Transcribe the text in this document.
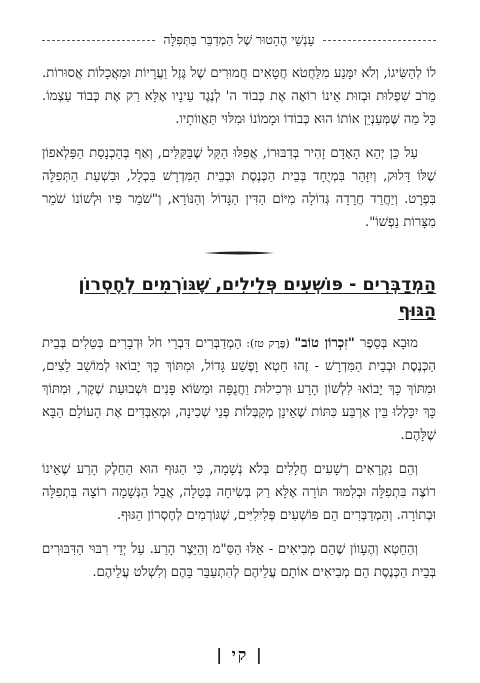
עָנְשֵׁי הֶהָטוּר שֶׁל הַמְדַבֵּר בַּתְּפִלָּה

לוֹ לְהַשִּׂיגוֹ, וְלֹא יִמָּנַע מִלַּחֲטֹא חֲטָאִים חֲמוּרִים שֶׁל גֶּזֶל וַעֲרָיוֹת וּמַאֲכָלוֹת אֲסוּרוֹת. מֵרֹב שִׁפְלוּת וּבְזוּת אֵינוֹ רוֹאֶה אֶת כְּבוֹד ה' לְנֶגֶד עֵינָיו אֶלָּא רַק אֶת כְּבוֹד עַצְמוֹ. כָּל מַה שֶּׁמְּעַנְיֵן אוֹתוֹ הוּא כְּבוֹדוֹ וּמָמוֹנוֹ וּמִלּוּי תַּאֲווֹתָיו.

עַל כֵּן יְהֵא הָאָדָם זָהִיר בְּדִבּוּרוֹ, אֲפִלּוּ הַקַּל שֶׁבַּקַּלִּים, וְאַף בְּהַכְנָסַת הַפַּלְאפוֹן שֶׁלּוֹ דָּלוּק, וְיִזָּהֵר בִּמְיֻחָד בְּבֵית הַכְּנֶסֶת וּבְבֵית הַמִּדְרָשׁ בִּכְלָל, וּבִשְׁעַת הַתְּפִלָּה בִּפְרָט. וְיַחֲרֵד חֲרָדָה גְּדוֹלָה מִיּוֹם הַדִּין הַגָּדוֹל וְהַנּוֹרָא, וְ"שֹׁמֵר פִּיו וּלְשׁוֹנוֹ שֹׁמֵר מִצָּרוֹת נַפְשׁוֹ".

הַמְדַבְּרִים - פּוֹשְׁעִים פְּלִילִים, שֶׁגּוֹרְמִים לְחֶסְרוֹן הַגּוּף

מוּבָא בְּסֵפֶר "זִכְרוֹן טוֹב" (פֶּרֶק טז): הַמְדַבְּרִים דִּבְרֵי חֹל וּדְבָרִים בְּטֵלִים בְּבֵית הַכְּנֶסֶת וּבְבֵית הַמִּדְרָשׁ - זֶהוּ חֵטְא וָפֶשַׁע גָּדוֹל, וּמִתּוֹךְ כָּךְ יָבוֹאוּ לְמוֹשַׁב לֵצִים, וּמִתּוֹךְ כָּךְ יָבוֹאוּ לִלְשׁוֹן הָרָע וּרְכִילוּת וַחֲנֻפָּה וּמַשּׂוֹא פָּנִים וּשְׁבוּעַת שֶׁקֶר, וּמִתּוֹךְ כָּךְ יִכָּלְלוּ בֵּין אַרְבַּע כִּתּוֹת שֶׁאֵינָן מְקַבְּלוֹת פְּנֵי שְׁכִינָה, וּמְאַבְּדִים אֶת הָעוֹלָם הַבָּא שֶׁלָּהֶם.

וְהֵם נִקְרָאִים רְשָׁעִים חֲלָלִים בְּלֹא נְשָׁמָה, כִּי הַגּוּף הוּא הַחֵלֶק הָרַע שֶׁאֵינוֹ רוֹצֶה בִּתְפִלָּה וּבְלִמּוּד תּוֹרָה אֶלָּא רַק בְּשִׂיחָה בְּטֵלָה, אֲבָל הַנְּשָׁמָה רוֹצָה בִּתְפִלָּה וּבְתוֹרָה. וְהַמְדַבְּרִים הֵם פּוֹשְׁעִים פְּלִילִיִּים, שֶׁגּוֹרְמִים לְחֶסְרוֹן הַגּוּף.

וְהַחֵטְא וְהֶעָווֹן שֶׁהֵם מְבִיאִים - אֵלּוּ הַסַּ"מ וְהַיֵּצֶר הָרַע. עַל יְדֵי רִבּוּי הַדִּבּוּרִים בְּבֵית הַכְּנֶסֶת הֵם מְבִיאִים אוֹתָם עֲלֵיהֶם לְהִתְעַבֵּר בָּהֶם וְלִשְׁלֹט עֲלֵיהֶם.

| קי |
